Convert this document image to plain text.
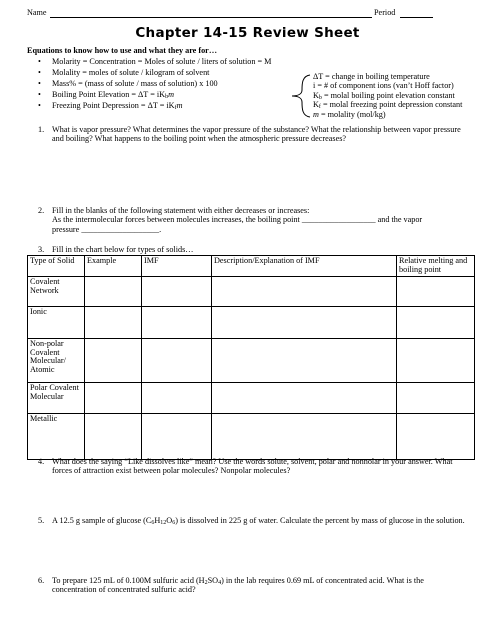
Name	Period
Chapter 14-15 Review Sheet
Equations to know how to use and what they are for…
• Molarity = Concentration = Moles of solute / liters of solution = M
• Molality = moles of solute / kilogram of solvent
• Mass% = (mass of solute / mass of solution) x 100
• Boiling Point Elevation = $\Delta T = iK_bm$
• Freezing Point Depression = $\Delta T = iK_fm$
ΔT = change in boiling temperature
i = # of component ions (van’t Hoff factor)
$K_b$ = molal boiling point elevation constant
$K_f$ = molal freezing point depression constant
m = molality (mol/kg)
1. What is vapor pressure? What determines the vapor pressure of the substance? What the relationship between vapor pressure and boiling? What happens to the boiling point when the atmospheric pressure decreases?
2. Fill in the blanks of the following statement with either decreases or increases:
As the intermolecular forces between molecules increases, the boiling point __________________ and the vapor
pressure ___________________.
3. Fill in the chart below for types of solids…
Type of Solid	Example	IMF	Description/Explanation of IMF	Relative melting and boiling point
Covalent Network				
Ionic				
Non-polar Covalent Molecular/ Atomic				
Polar Covalent Molecular				
Metallic				
4. What does the saying “Like dissolves like” mean? Use the words solute, solvent, polar and nonnolar in your answer. What forces of attraction exist between polar molecules? Nonpolar molecules?
5. A 12.5 g sample of glucose $(C_6H_{12}O_6)$ is dissolved in 225 g of water. Calculate the percent by mass of glucose in the solution.
6. To prepare 125 mL of 0.100M sulfuric acid $(H_2SO_4)$ in the lab requires 0.69 mL of concentrated acid. What is the concentration of concentrated sulfuric acid?
